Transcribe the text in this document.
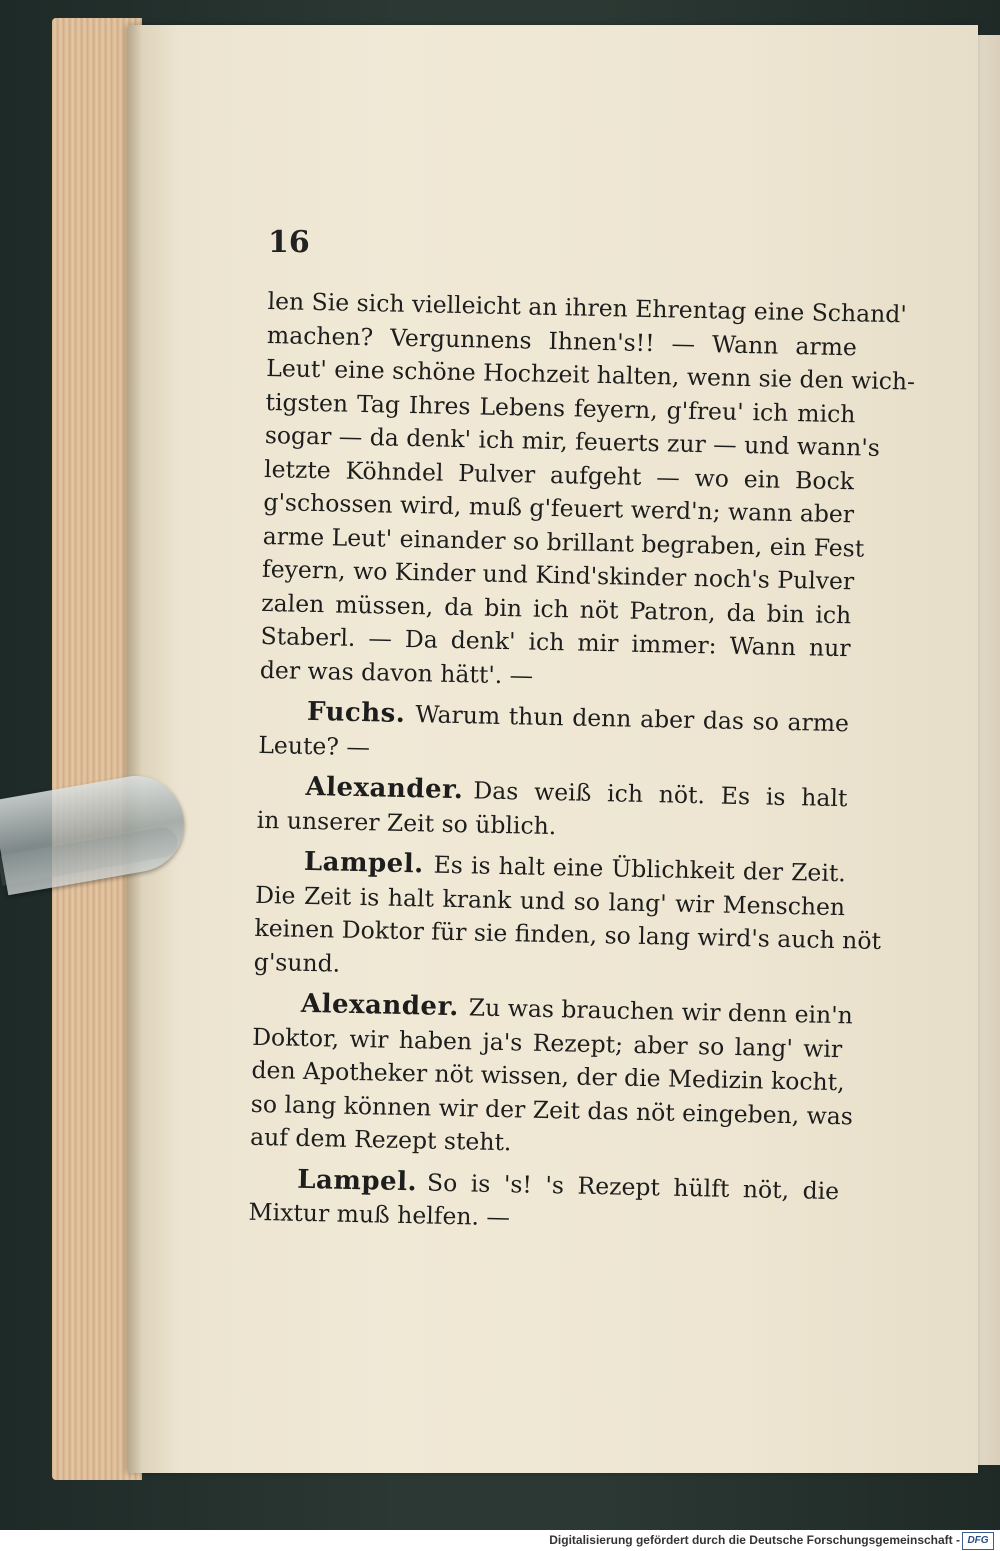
16
len Sie sich vielleicht an ihren Ehrentag eine Schand'
machen? Vergunnens Ihnen's!! — Wann arme
Leut' eine schöne Hochzeit halten, wenn sie den wich-
tigsten Tag Ihres Lebens feyern, g'freu' ich mich
sogar — da denk' ich mir, feuerts zur — und wann's
letzte Köhndel Pulver aufgeht — wo ein Bock
g'schossen wird, muß g'feuert werd'n; wann aber
arme Leut' einander so brillant begraben, ein Fest
feyern, wo Kinder und Kind'skinder noch's Pulver
zalen müssen, da bin ich nöt Patron, da bin ich
Staberl. — Da denk' ich mir immer: Wann nur
der was davon hätt'. —
Fuchs. Warum thun denn aber das so arme
Leute? —
Alexander. Das weiß ich nöt. Es is halt
in unserer Zeit so üblich.
Lampel. Es is halt eine Üblichkeit der Zeit.
Die Zeit is halt krank und so lang' wir Menschen
keinen Doktor für sie finden, so lang wird's auch nöt
g'sund.
Alexander. Zu was brauchen wir denn ein'n
Doktor, wir haben ja's Rezept; aber so lang' wir
den Apotheker nöt wissen, der die Medizin kocht,
so lang können wir der Zeit das nöt eingeben, was
auf dem Rezept steht.
Lampel. So is 's! 's Rezept hülft nöt, die
Mixtur muß helfen. —
Digitalisierung gefördert durch die Deutsche Forschungsgemeinschaft - DFG
